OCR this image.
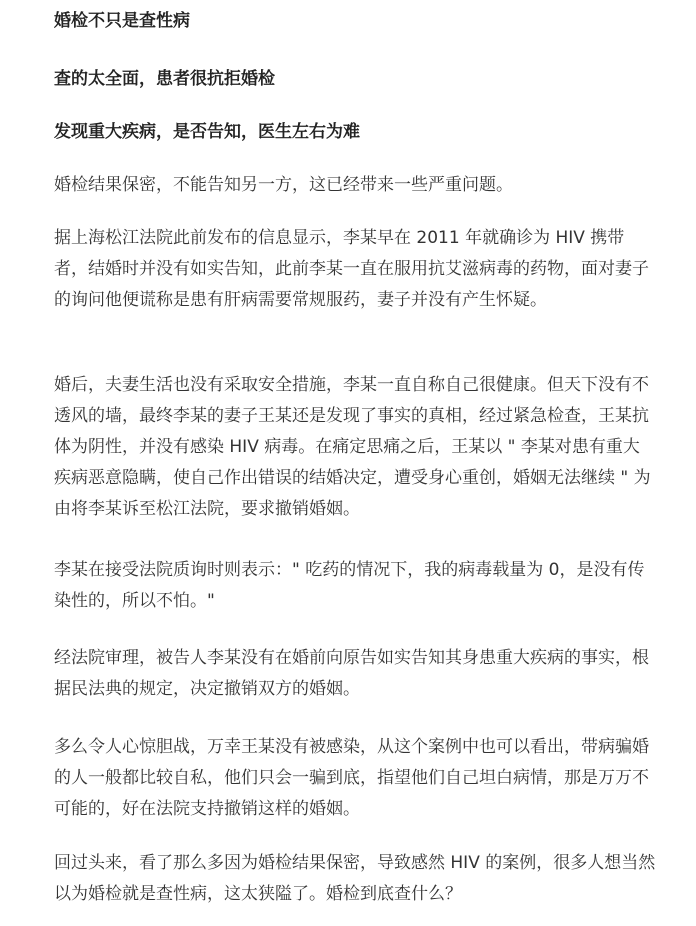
婚检不只是查性病
查的太全面，患者很抗拒婚检
发现重大疾病，是否告知，医生左右为难

婚检结果保密，不能告知另一方，这已经带来一些严重问题。

据上海松江法院此前发布的信息显示，李某早在 2011 年就确诊为 HIV 携带者，结婚时并没有如实告知，此前李某一直在服用抗艾滋病毒的药物，面对妻子的询问他便谎称是患有肝病需要常规服药，妻子并没有产生怀疑。

婚后，夫妻生活也没有采取安全措施，李某一直自称自己很健康。但天下没有不透风的墙，最终李某的妻子王某还是发现了事实的真相，经过紧急检查，王某抗体为阴性，并没有感染 HIV 病毒。在痛定思痛之后，王某以 " 李某对患有重大疾病恶意隐瞒，使自己作出错误的结婚决定，遭受身心重创，婚姻无法继续 " 为由将李某诉至松江法院，要求撤销婚姻。

李某在接受法院质询时则表示：" 吃药的情况下，我的病毒载量为 0，是没有传染性的，所以不怕。"

经法院审理，被告人李某没有在婚前向原告如实告知其身患重大疾病的事实，根据民法典的规定，决定撤销双方的婚姻。

多么令人心惊胆战，万幸王某没有被感染，从这个案例中也可以看出，带病骗婚的人一般都比较自私，他们只会一骗到底，指望他们自己坦白病情，那是万万不可能的，好在法院支持撤销这样的婚姻。

回过头来，看了那么多因为婚检结果保密，导致感然 HIV 的案例，很多人想当然以为婚检就是查性病，这太狭隘了。婚检到底查什么？
